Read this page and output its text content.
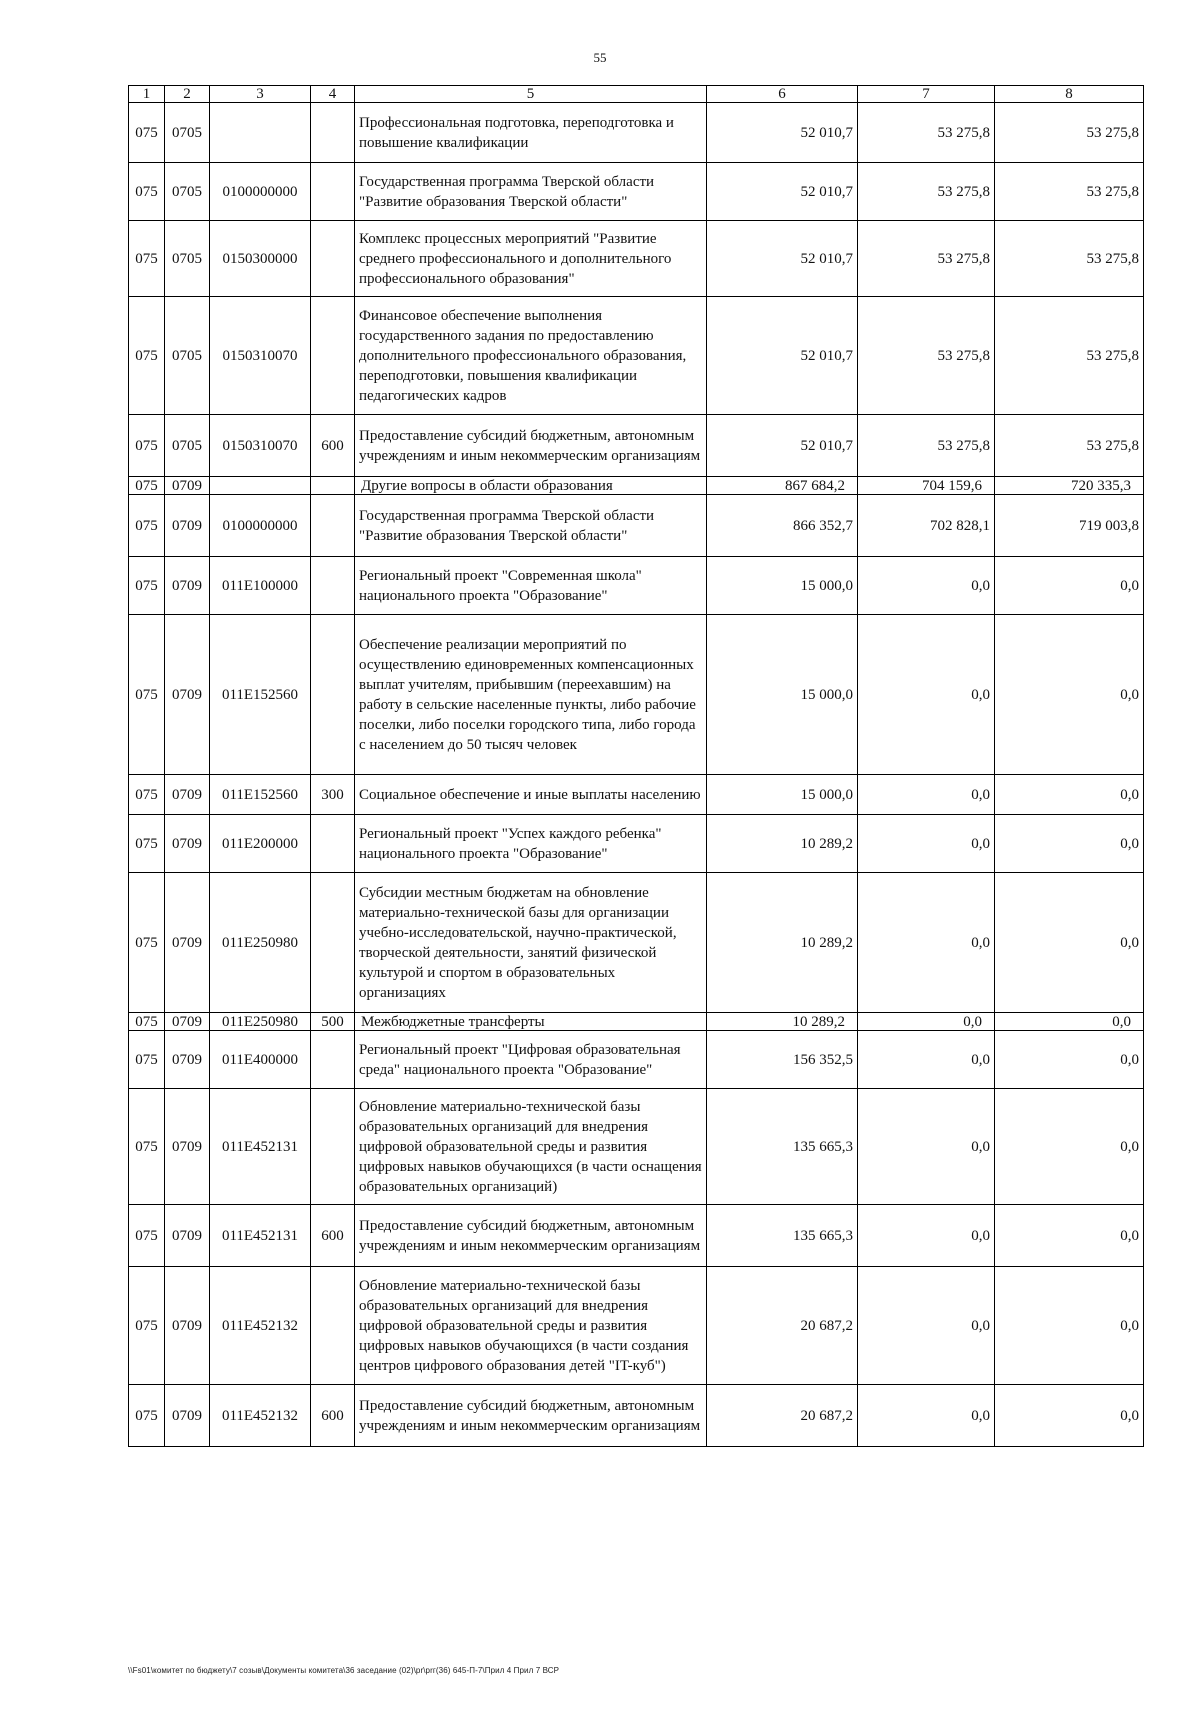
55
1	2	3	4	5	6	7	8
075	0705			Профессиональная подготовка, переподготовка и повышение квалификации	52 010,7	53 275,8	53 275,8
075	0705	0100000000		Государственная программа Тверской области "Развитие образования Тверской области"	52 010,7	53 275,8	53 275,8
075	0705	0150300000		Комплекс процессных мероприятий "Развитие среднего профессионального и дополнительного профессионального образования"	52 010,7	53 275,8	53 275,8
075	0705	0150310070		Финансовое обеспечение выполнения государственного задания по предоставлению дополнительного профессионального образования, переподготовки, повышения квалификации педагогических кадров	52 010,7	53 275,8	53 275,8
075	0705	0150310070	600	Предоставление субсидий бюджетным, автономным учреждениям и иным некоммерческим организациям	52 010,7	53 275,8	53 275,8
075	0709			Другие вопросы в области образования	867 684,2	704 159,6	720 335,3
075	0709	0100000000		Государственная программа Тверской области "Развитие образования Тверской области"	866 352,7	702 828,1	719 003,8
075	0709	011E100000		Региональный проект "Современная школа" национального проекта "Образование"	15 000,0	0,0	0,0
075	0709	011E152560		Обеспечение реализации мероприятий по осуществлению единовременных компенсационных выплат учителям, прибывшим (переехавшим) на работу в сельские населенные пункты, либо рабочие поселки, либо поселки городского типа, либо города с населением до 50 тысяч человек	15 000,0	0,0	0,0
075	0709	011E152560	300	Социальное обеспечение и иные выплаты населению	15 000,0	0,0	0,0
075	0709	011E200000		Региональный проект "Успех каждого ребенка" национального проекта "Образование"	10 289,2	0,0	0,0
075	0709	011E250980		Субсидии местным бюджетам на обновление материально-технической базы для организации учебно-исследовательской, научно-практической, творческой деятельности, занятий физической культурой и спортом в образовательных организациях	10 289,2	0,0	0,0
075	0709	011E250980	500	Межбюджетные трансферты	10 289,2	0,0	0,0
075	0709	011E400000		Региональный проект "Цифровая образовательная среда" национального проекта "Образование"	156 352,5	0,0	0,0
075	0709	011E452131		Обновление материально-технической базы образовательных организаций для внедрения цифровой образовательной среды и развития цифровых навыков обучающихся (в части оснащения образовательных организаций)	135 665,3	0,0	0,0
075	0709	011E452131	600	Предоставление субсидий бюджетным, автономным учреждениям и иным некоммерческим организациям	135 665,3	0,0	0,0
075	0709	011E452132		Обновление материально-технической базы образовательных организаций для внедрения цифровой образовательной среды и развития цифровых навыков обучающихся (в части создания центров цифрового образования детей "IT-куб")	20 687,2	0,0	0,0
075	0709	011E452132	600	Предоставление субсидий бюджетным, автономным учреждениям и иным некоммерческим организациям	20 687,2	0,0	0,0
\\Fs01\комитет по бюджету\7 созыв\Документы комитета\36 заседание (02)\pr\prг(36) 645-П-7\Прил 4 Прил 7 ВСР
